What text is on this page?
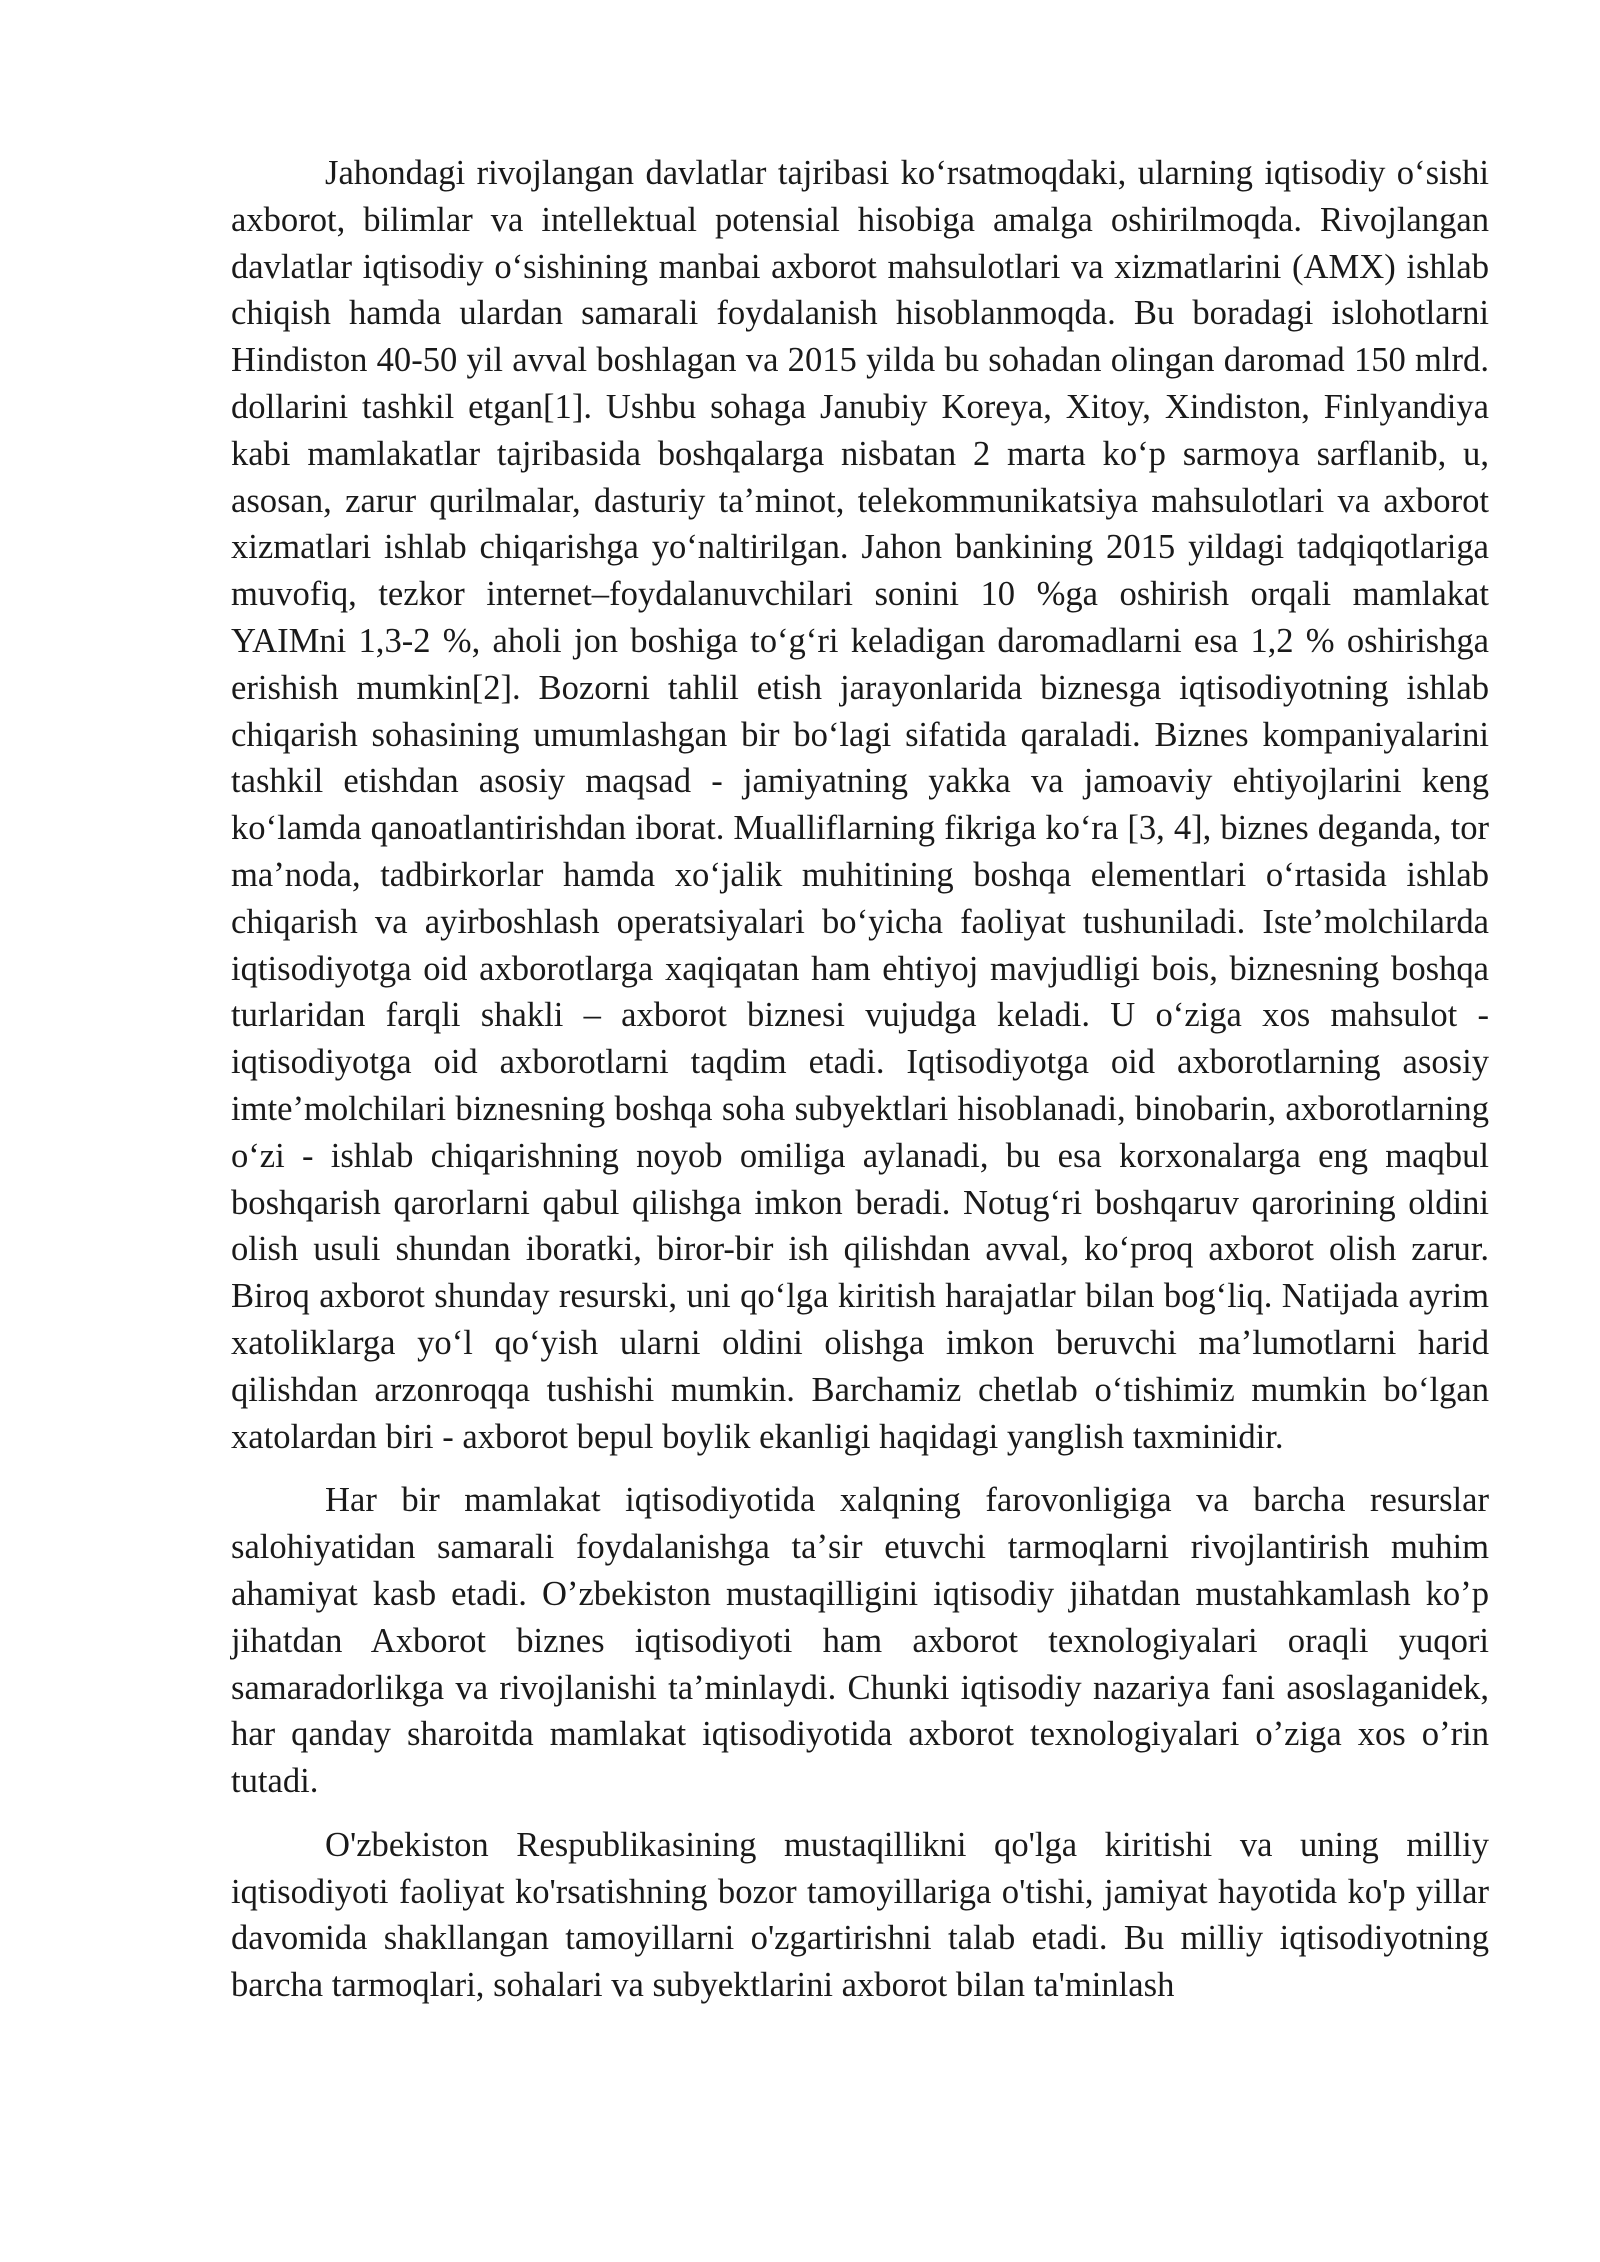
Jahondagi rivojlangan davlatlar tajribasi koʻrsatmoqdaki, ularning iqtisodiy oʻsishi axborot, bilimlar va intellektual potensial hisobiga amalga oshirilmoqda. Rivojlangan davlatlar iqtisodiy oʻsishining manbai axborot mahsulotlari va xizmatlarini (AMX) ishlab chiqish hamda ulardan samarali foydalanish hisoblanmoqda. Bu boradagi islohotlarni Hindiston 40-50 yil avval boshlagan va 2015 yilda bu sohadan olingan daromad 150 mlrd. dollarini tashkil etgan[1]. Ushbu sohaga Janubiy Koreya, Xitoy, Xindiston, Finlyandiya kabi mamlakatlar tajribasida boshqalarga nisbatan 2 marta koʻp sarmoya sarflanib, u, asosan, zarur qurilmalar, dasturiy taʼminot, telekommunikatsiya mahsulotlari va axborot xizmatlari ishlab chiqarishga yoʻnaltirilgan. Jahon bankining 2015 yildagi tadqiqotlariga muvofiq, tezkor internet–foydalanuvchilari sonini 10 %ga oshirish orqali mamlakat YAIMni 1,3-2 %, aholi jon boshiga toʻgʻri keladigan daromadlarni esa 1,2 % oshirishga erishish mumkin[2]. Bozorni tahlil etish jarayonlarida biznesga iqtisodiyotning ishlab chiqarish sohasining umumlashgan bir boʻlagi sifatida qaraladi. Biznes kompaniyalarini tashkil etishdan asosiy maqsad - jamiyatning yakka va jamoaviy ehtiyojlarini keng koʻlamda qanoatlantirishdan iborat. Mualliflarning fikriga koʻra [3, 4], biznes deganda, tor maʼnoda, tadbirkorlar hamda xoʻjalik muhitining boshqa elementlari oʻrtasida ishlab chiqarish va ayirboshlash operatsiyalari boʻyicha faoliyat tushuniladi. Isteʼmolchilarda iqtisodiyotga oid axborotlarga xaqiqatan ham ehtiyoj mavjudligi bois, biznesning boshqa turlaridan farqli shakli – axborot biznesi vujudga keladi. U oʻziga xos mahsulot - iqtisodiyotga oid axborotlarni taqdim etadi. Iqtisodiyotga oid axborotlarning asosiy imteʼmolchilari biznesning boshqa soha subyektlari hisoblanadi, binobarin, axborotlarning oʻzi - ishlab chiqarishning noyob omiliga aylanadi, bu esa korxonalarga eng maqbul boshqarish qarorlarni qabul qilishga imkon beradi. Notugʻri boshqaruv qarorining oldini olish usuli shundan iboratki, biror-bir ish qilishdan avval, koʻproq axborot olish zarur. Biroq axborot shunday resurski, uni qoʻlga kiritish harajatlar bilan bogʻliq. Natijada ayrim xatoliklarga yoʻl qoʻyish ularni oldini olishga imkon beruvchi maʼlumotlarni harid qilishdan arzonroqqa tushishi mumkin. Barchamiz chetlab oʻtishimiz mumkin boʻlgan xatolardan biri - axborot bepul boylik ekanligi haqidagi yanglish taxminidir.

Har bir mamlakat iqtisodiyotida xalqning farovonligiga va barcha resurslar salohiyatidan samarali foydalanishga taʼsir etuvchi tarmoqlarni rivojlantirish muhim ahamiyat kasb etadi. Oʼzbekiston mustaqilligini iqtisodiy jihatdan mustahkamlash koʼp jihatdan Axborot biznes iqtisodiyoti ham axborot texnologiyalari oraqli yuqori samaradorlikga va rivojlanishi taʼminlaydi. Chunki iqtisodiy nazariya fani asoslaganidek, har qanday sharoitda mamlakat iqtisodiyotida axborot texnologiyalari oʼziga xos oʼrin tutadi.

O'zbekiston Respublikasining mustaqillikni qo'lga kiritishi va uning milliy iqtisodiyoti faoliyat ko'rsatishning bozor tamoyillariga o'tishi, jamiyat hayotida ko'p yillar davomida shakllangan tamoyillarni o'zgartirishni talab etadi. Bu milliy iqtisodiyotning barcha tarmoqlari, sohalari va subyektlarini axborot bilan ta'minlash
